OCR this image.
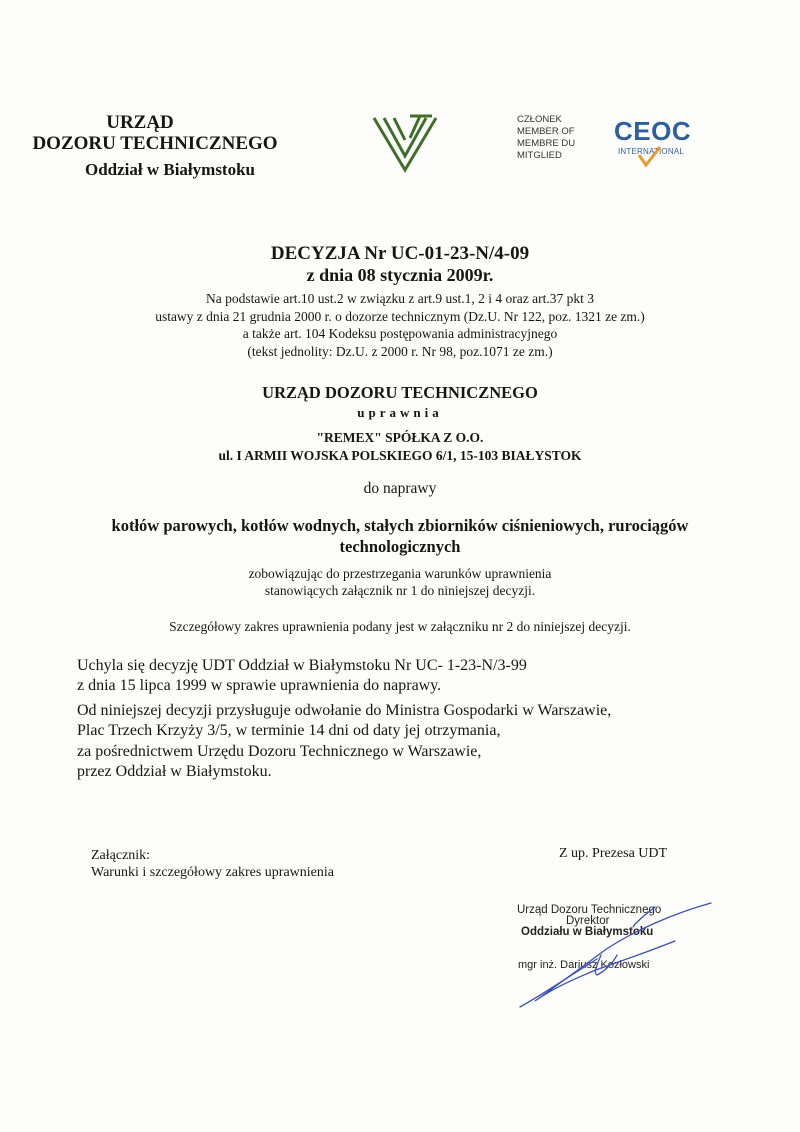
URZĄD
DOZORU TECHNICZNEGO
Oddział w Białymstoku
CZŁONEK
MEMBER OF
MEMBRE DU
MITGLIED
CEOC
INTERNATIONAL
DECYZJA Nr UC-01-23-N/4-09
z dnia 08 stycznia 2009r.
Na podstawie art.10 ust.2 w związku z art.9 ust.1, 2 i 4 oraz art.37 pkt 3
ustawy z dnia 21 grudnia 2000 r. o dozorze technicznym (Dz.U. Nr 122, poz. 1321 ze zm.)
a także art. 104 Kodeksu postępowania administracyjnego
(tekst jednolity: Dz.U. z 2000 r. Nr 98, poz.1071 ze zm.)
URZĄD DOZORU TECHNICZNEGO
uprawnia
"REMEX" SPÓŁKA Z O.O.
ul. I ARMII WOJSKA POLSKIEGO 6/1, 15-103 BIAŁYSTOK
do naprawy
kotłów parowych, kotłów wodnych, stałych zbiorników ciśnieniowych, rurociągów
technologicznych
zobowiązując do przestrzegania warunków uprawnienia
stanowiących załącznik nr 1 do niniejszej decyzji.
Szczegółowy zakres uprawnienia podany jest w załączniku nr 2 do niniejszej decyzji.
Uchyla się decyzję UDT Oddział w Białymstoku Nr UC- 1-23-N/3-99
z dnia 15 lipca 1999 w sprawie uprawnienia do naprawy.
Od niniejszej decyzji przysługuje odwołanie do Ministra Gospodarki w Warszawie,
Plac Trzech Krzyży 3/5, w terminie 14 dni od daty jej otrzymania,
za pośrednictwem Urzędu Dozoru Technicznego w Warszawie,
przez Oddział w Białymstoku.
Załącznik:
Warunki i szczegółowy zakres uprawnienia
Z up. Prezesa UDT
Urząd Dozoru Technicznego
Dyrektor
Oddziału w Białymstoku
mgr inż. Dariusz Kozłowski
